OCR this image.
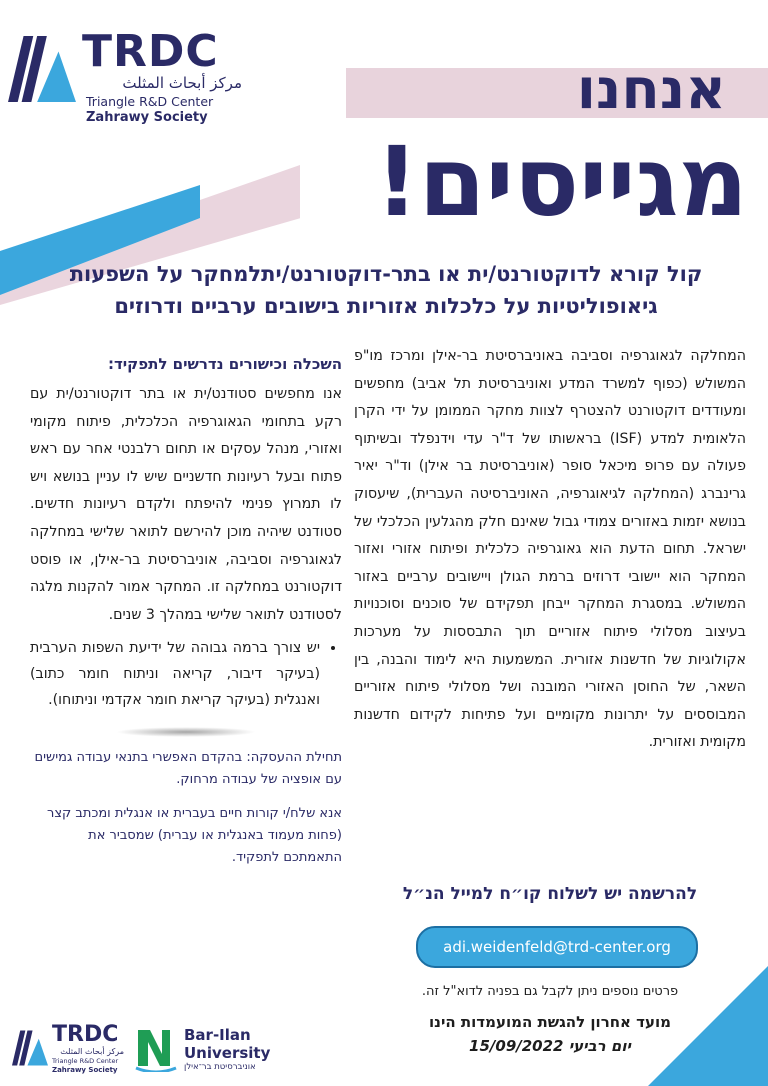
TRDC
مركز أبحاث المثلث
Triangle R&D Center
Zahrawy Society	אנחנו
מגייסים!
קול קורא לדוקטורנט/ית או בתר-דוקטורנט/יתלמחקר על השפעות
גיאופוליטיות על כלכלות אזוריות בישובים ערביים ודרוזים
המחלקה לגאוגרפיה וסביבה באוניברסיטת בר-אילן ומרכז מו"פ המשולש (כפוף למשרד המדע ואוניברסיטת תל אביב) מחפשים ומעודדים דוקטורנט להצטרף לצוות מחקר הממומן על ידי הקרן הלאומית למדע (ISF) בראשותו של ד"ר עדי וידנפלד ובשיתוף פעולה עם פרופ מיכאל סופר (אוניברסיטת בר אילן) וד"ר יאיר גרינברג (המחלקה לגיאוגרפיה, האוניברסיטה העברית), שיעסוק בנושא יזמות באזורים צמודי גבול שאינם חלק מהגלעין הכלכלי של ישראל. תחום הדעת הוא גאוגרפיה כלכלית ופיתוח אזורי ואזור המחקר הוא יישובי דרוזים ברמת הגולן ויישובים ערביים באזור המשולש. במסגרת המחקר ייבחן תפקידם של סוכנים וסוכנויות בעיצוב מסלולי פיתוח אזוריים תוך התבססות על מערכות אקולוגיות של חדשנות אזורית. המשמעות היא לימוד והבנה, בין השאר, של החוסן האזורי המובנה ושל מסלולי פיתוח אזוריים המבוססים על יתרונות מקומיים ועל פתיחות לקידום חדשנות מקומית ואזורית.
השכלה וכישורים נדרשים לתפקיד:
אנו מחפשים סטודנט/ית או בתר דוקטורנט/ית עם רקע בתחומי הגאוגרפיה הכלכלית, פיתוח מקומי ואזורי, מנהל עסקים או תחום רלבנטי אחר עם ראש פתוח ובעל רעיונות חדשניים שיש לו עניין בנושא ויש לו תמרוץ פנימי להיפתח ולקדם רעיונות חדשים. סטודנט שיהיה מוכן להירשם לתואר שלישי במחלקה לגאוגרפיה וסביבה, אוניברסיטת בר-אילן, או פוסט דוקטורנט במחלקה זו. המחקר אמור להקנות מלגה לסטודנט לתואר שלישי במהלך 3 שנים.
• יש צורך ברמה גבוהה של ידיעת השפות הערבית (בעיקר דיבור, קריאה וניתוח חומר כתוב) ואנגלית (בעיקר קריאת חומר אקדמי וניתוחו).
תחילת ההעסקה: בהקדם האפשרי בתנאי עבודה גמישים עם אופציה של עבודה מרחוק.
אנא שלח/י קורות חיים בעברית או אנגלית ומכתב קצר (פחות מעמוד באנגלית או עברית) שמסביר את התאמתכם לתפקיד.
להרשמה יש לשלוח קו״ח למייל הנ״ל
adi.weidenfeld@trd-center.org
פרטים נוספים ניתן לקבל גם בפניה לדוא"ל זה.
מועד אחרון להגשת המועמדות הינו
יום רביעי 15/09/2022
TRDC
مركز أبحاث المثلث
Triangle R&D Center
Zahrawy Society
Bar-Ilan
University
אוניברסיטת בר־אילן
